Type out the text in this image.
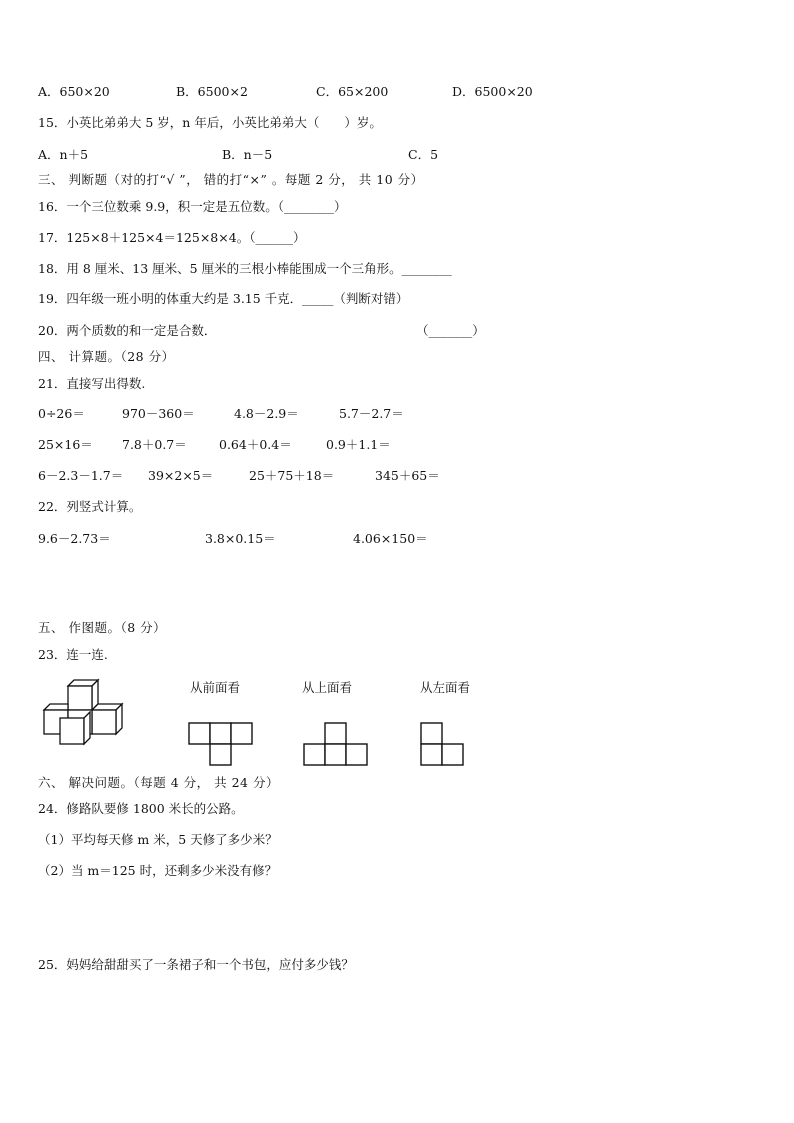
A．650×20	B．6500×2	C．65×200	D．6500×20
15．小英比弟弟大 5 岁，n 年后，小英比弟弟大（　　）岁。
A．n＋5	B．n－5	C．5
三、 判断题（对的打“√ ”， 错的打“×” 。每题 2 分， 共 10 分）
16．一个三位数乘 9.9，积一定是五位数。（________）
17．125×8＋125×4＝125×8×4。（______）
18．用 8 厘米、13 厘米、5 厘米的三根小棒能围成一个三角形。________
19．四年级一班小明的体重大约是 3.15 千克．_____（判断对错）
20．两个质数的和一定是合数．	（_______）
四、 计算题。（28 分）
21．直接写出得数.
0÷26＝	970－360＝	4.8－2.9＝	5.7－2.7＝
25×16＝ 7.8＋0.7＝	0.64＋0.4＝	0.9＋1.1＝
6－2.3－1.7＝ 39×2×5＝	25＋75＋18＝	345＋65＝
22．列竖式计算。
9.6－2.73＝	3.8×0.15＝	4.06×150＝
五、 作图题。（8 分）
23．连一连.
从前面看	从上面看	从左面看
六、 解决问题。（每题 4 分， 共 24 分）
24．修路队要修 1800 米长的公路。
（1）平均每天修 m 米，5 天修了多少米？
（2）当 m＝125 时，还剩多少米没有修？
25．妈妈给甜甜买了一条裙子和一个书包，应付多少钱？
